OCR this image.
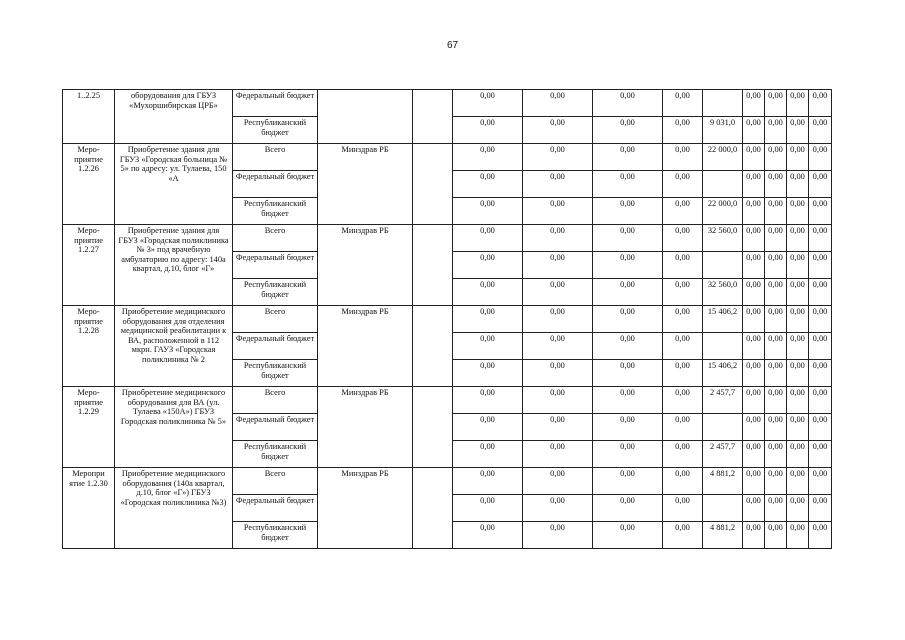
67
1..2.25	оборудования для ГБУЗ «Мухоршибирская ЦРБ»	Федеральный бюджет			0,00	0,00	0,00	0,00		0,00	0,00	0,00	0,00
		Республиканский бюджет			0,00	0,00	0,00	0,00	9 031,0	0,00	0,00	0,00	0,00
Меро-приятие 1.2.26	Приобретение здания для ГБУЗ «Городская больница № 5» по адресу: ул. Тулаева, 150 «А	Всего	Минздрав РБ		0,00	0,00	0,00	0,00	22 000,0	0,00	0,00	0,00	0,00
		Федеральный бюджет			0,00	0,00	0,00	0,00		0,00	0,00	0,00	0,00
		Республиканский бюджет			0,00	0,00	0,00	0,00	22 000,0	0,00	0,00	0,00	0,00
Меро-приятие 1.2.27	Приобретение здания для ГБУЗ «Городская поликлиника № 3» под врачебную амбулаторию по адресу: 140а квартал, д.10, блог «Г»	Всего	Минздрав РБ		0,00	0,00	0,00	0,00	32 560,0	0,00	0,00	0,00	0,00
		Федеральный бюджет			0,00	0,00	0,00	0,00		0,00	0,00	0,00	0,00
		Республиканский бюджет			0,00	0,00	0,00	0,00	32 560,0	0,00	0,00	0,00	0,00
Меро-приятие 1.2.28	Приобретение медицинского оборудования для отделения медицинской реабилитации к ВА, расположенной в 112 мкрн. ГАУЗ «Городская поликлиника № 2	Всего	Минздрав РБ		0,00	0,00	0,00	0,00	15 406,2	0,00	0,00	0,00	0,00
		Федеральный бюджет			0,00	0,00	0,00	0,00		0,00	0,00	0,00	0,00
		Республиканский бюджет			0,00	0,00	0,00	0,00	15 406,2	0,00	0,00	0,00	0,00
Меро-приятие 1.2.29	Приобретение медицинского оборудования для ВА (ул. Тулаева «150А») ГБУЗ Городская поликлиника № 5»	Всего	Минздрав РБ		0,00	0,00	0,00	0,00	2 457,7	0,00	0,00	0,00	0,00
		Федеральный бюджет			0,00	0,00	0,00	0,00		0,00	0,00	0,00	0,00
		Республиканский бюджет			0,00	0,00	0,00	0,00	2 457,7	0,00	0,00	0,00	0,00
Меропри ятие 1.2.30	Приобретение медицинского оборудования (140а квартал, д.10, блог «Г») ГБУЗ «Городская поликлиника №3)	Всего	Минздрав РБ		0,00	0,00	0,00	0,00	4 881,2	0,00	0,00	0,00	0,00
		Федеральный бюджет			0,00	0,00	0,00	0,00		0,00	0,00	0,00	0,00
		Республиканский бюджет			0,00	0,00	0,00	0,00	4 881,2	0,00	0,00	0,00	0,00
